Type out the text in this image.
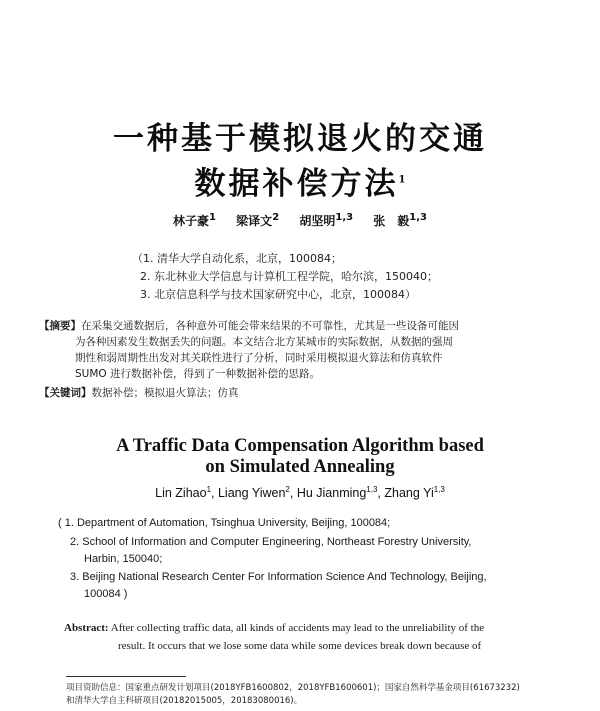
一种基于模拟退火的交通
数据补偿方法$^1$
林子豪$^1$ 梁译文$^2$ 胡坚明$^{1,3}$ 张　毅$^{1,3}$
（1. 清华大学自动化系，北京，100084；
2. 东北林业大学信息与计算机工程学院，哈尔滨，150040；
3. 北京信息科学与技术国家研究中心，北京，100084）
【摘要】在采集交通数据后，各种意外可能会带来结果的不可靠性，尤其是一些设备可能因
为各种因素发生数据丢失的问题。本文结合北方某城市的实际数据，从数据的强周
期性和弱周期性出发对其关联性进行了分析，同时采用模拟退火算法和仿真软件
SUMO 进行数据补偿，得到了一种数据补偿的思路。
【关键词】数据补偿；模拟退火算法；仿真
A Traffic Data Compensation Algorithm based
on Simulated Annealing
Lin Zihao$^1$, Liang Yiwen$^2$, Hu Jianming$^{1,3}$, Zhang Yi$^{1,3}$
( 1. Department of Automation, Tsinghua University, Beijing, 100084;
2. School of Information and Computer Engineering, Northeast Forestry University,
Harbin, 150040;
3. Beijing National Research Center For Information Science And Technology, Beijing,
100084 )
Abstract: After collecting traffic data, all kinds of accidents may lead to the unreliability of the
result. It occurs that we lose some data while some devices break down because of
项目资助信息：国家重点研发计划项目(2018YFB1600802，2018YFB1600601)；国家自然科学基金项目(61673232)
和清华大学自主科研项目(20182015005，20183080016)。
